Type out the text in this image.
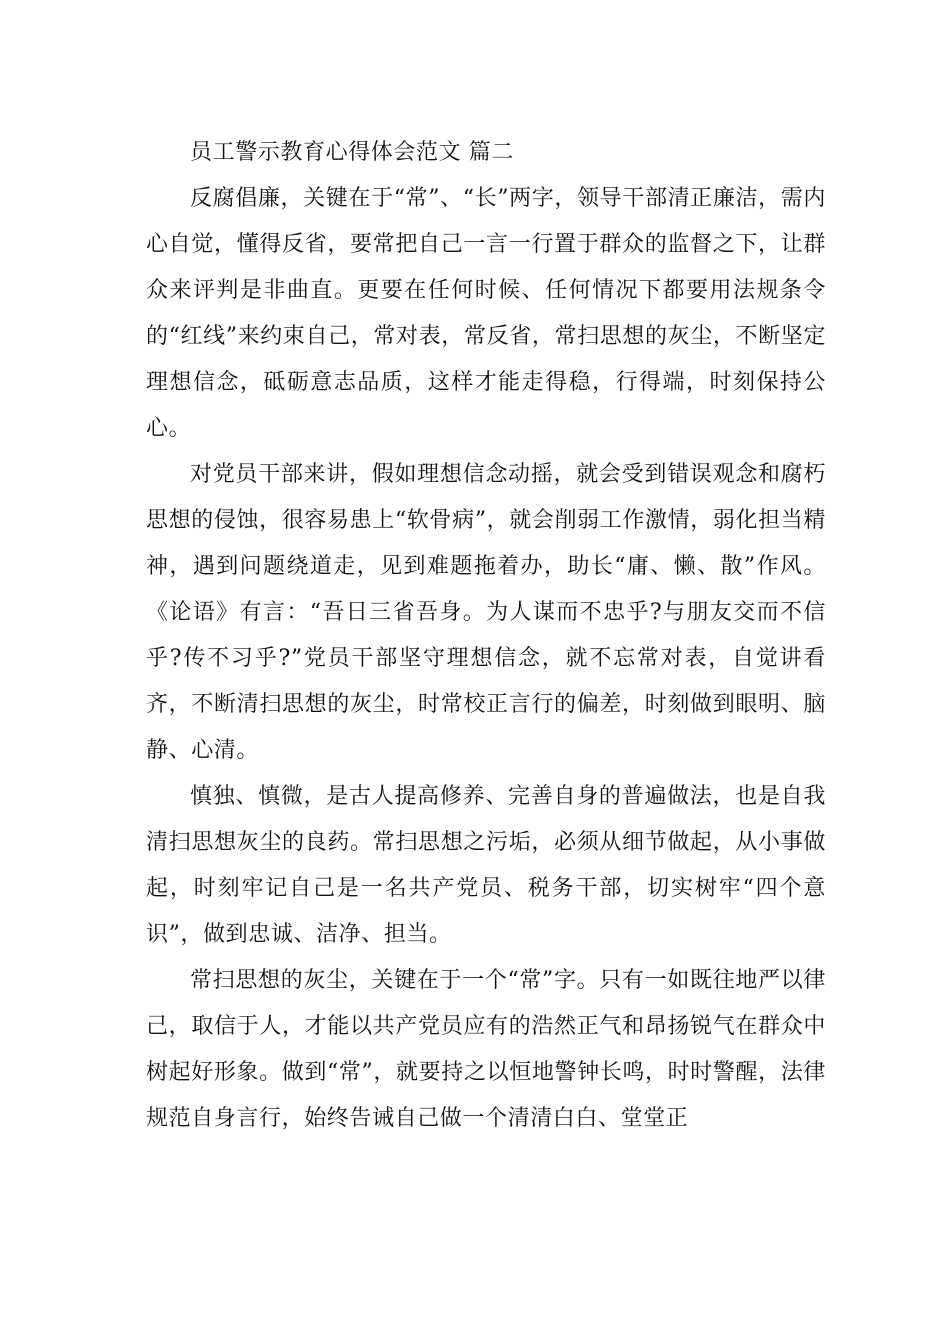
员工警示教育心得体会范文 篇二

反腐倡廉，关键在于“常”、“长”两字，领导干部清正廉洁，需内心自觉，懂得反省，要常把自己一言一行置于群众的监督之下，让群众来评判是非曲直。更要在任何时候、任何情况下都要用法规条令的“红线”来约束自己，常对表，常反省，常扫思想的灰尘，不断坚定理想信念，砥砺意志品质，这样才能走得稳，行得端，时刻保持公心。

对党员干部来讲，假如理想信念动摇，就会受到错误观念和腐朽思想的侵蚀，很容易患上“软骨病”，就会削弱工作激情，弱化担当精神，遇到问题绕道走，见到难题拖着办，助长“庸、懒、散”作风。《论语》有言：“吾日三省吾身。为人谋而不忠乎?与朋友交而不信乎?传不习乎?”党员干部坚守理想信念，就不忘常对表，自觉讲看齐，不断清扫思想的灰尘，时常校正言行的偏差，时刻做到眼明、脑静、心清。

慎独、慎微，是古人提高修养、完善自身的普遍做法，也是自我清扫思想灰尘的良药。常扫思想之污垢，必须从细节做起，从小事做起，时刻牢记自己是一名共产党员、税务干部，切实树牢“四个意识”，做到忠诚、洁净、担当。

常扫思想的灰尘，关键在于一个“常”字。只有一如既往地严以律己，取信于人，才能以共产党员应有的浩然正气和昂扬锐气在群众中树起好形象。做到“常”，就要持之以恒地警钟长鸣，时时警醒，法律规范自身言行，始终告诫自己做一个清清白白、堂堂正
